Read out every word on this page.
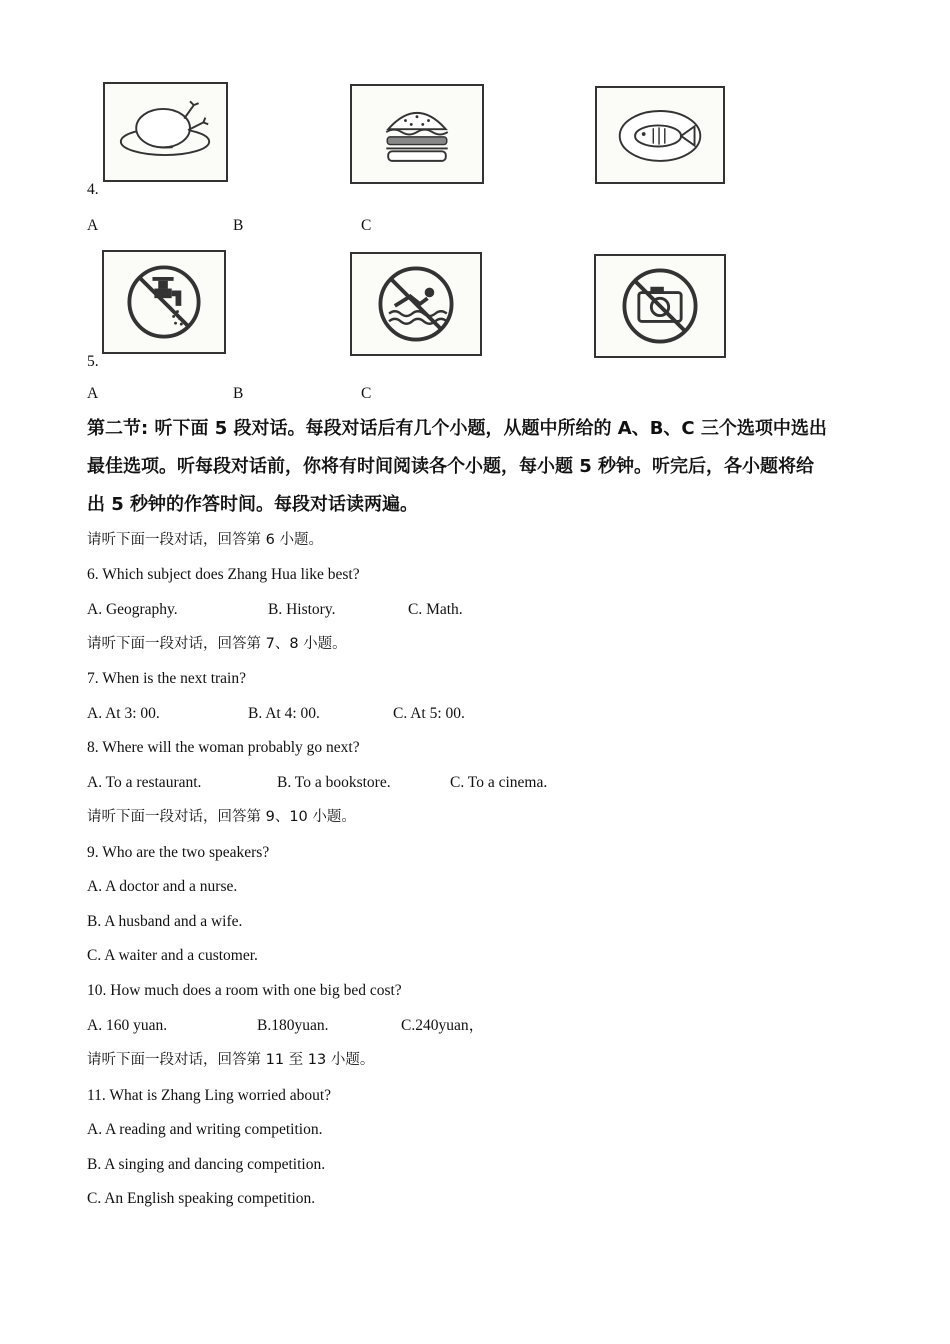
4.
A	B	C
5.
A	B	C
第二节: 听下面 5 段对话。每段对话后有几个小题，从题中所给的 A、B、C 三个选项中选出
最佳选项。听每段对话前，你将有时间阅读各个小题，每小题 5 秒钟。听完后，各小题将给
出 5 秒钟的作答时间。每段对话读两遍。
请听下面一段对话，回答第 6 小题。
6. Which subject does Zhang Hua like best?
A. Geography.	B. History.	C. Math.
请听下面一段对话，回答第 7、8 小题。
7. When is the next train?
A. At 3: 00.	B. At 4: 00.	C. At 5: 00.
8. Where will the woman probably go next?
A. To a restaurant.	B. To a bookstore.	C. To a cinema.
请听下面一段对话，回答第 9、10 小题。
9. Who are the two speakers?
A. A doctor and a nurse.
B. A husband and a wife.
C. A waiter and a customer.
10. How much does a room with one big bed cost?
A. 160 yuan.	B.180yuan.	C.240yuan，
请听下面一段对话，回答第 11 至 13 小题。
11. What is Zhang Ling worried about?
A. A reading and writing competition.
B. A singing and dancing competition.
C. An English speaking competition.
